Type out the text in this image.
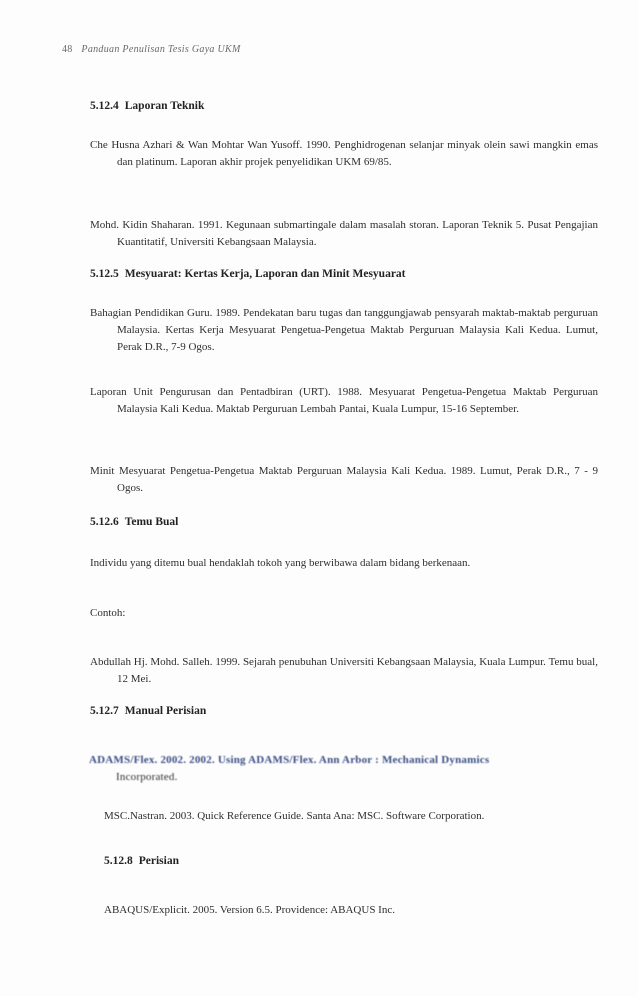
48 Panduan Penulisan Tesis Gaya UKM
5.12.4 Laporan Teknik
Che Husna Azhari & Wan Mohtar Wan Yusoff. 1990. Penghidrogenan selanjar minyak olein sawi mangkin emas dan platinum. Laporan akhir projek penyelidikan UKM 69/85.
Mohd. Kidin Shaharan. 1991. Kegunaan submartingale dalam masalah storan. Laporan Teknik 5. Pusat Pengajian Kuantitatif, Universiti Kebangsaan Malaysia.
5.12.5 Mesyuarat: Kertas Kerja, Laporan dan Minit Mesyuarat
Bahagian Pendidikan Guru. 1989. Pendekatan baru tugas dan tanggungjawab pensyarah maktab-maktab perguruan Malaysia. Kertas Kerja Mesyuarat Pengetua-Pengetua Maktab Perguruan Malaysia Kali Kedua. Lumut, Perak D.R., 7-9 Ogos.
Laporan Unit Pengurusan dan Pentadbiran (URT). 1988. Mesyuarat Pengetua-Pengetua Maktab Perguruan Malaysia Kali Kedua. Maktab Perguruan Lembah Pantai, Kuala Lumpur, 15-16 September.
Minit Mesyuarat Pengetua-Pengetua Maktab Perguruan Malaysia Kali Kedua. 1989. Lumut, Perak D.R., 7 - 9 Ogos.
5.12.6 Temu Bual
Individu yang ditemu bual hendaklah tokoh yang berwibawa dalam bidang berkenaan.
Contoh:
Abdullah Hj. Mohd. Salleh. 1999. Sejarah penubuhan Universiti Kebangsaan Malaysia, Kuala Lumpur. Temu bual, 12 Mei.
5.12.7 Manual Perisian
ADAMS/Flex. 2002. 2002. Using ADAMS/Flex. Ann Arbor : Mechanical Dynamics
Incorporated.
MSC.Nastran. 2003. Quick Reference Guide. Santa Ana: MSC. Software Corporation.
5.12.8 Perisian
ABAQUS/Explicit. 2005. Version 6.5. Providence: ABAQUS Inc.
